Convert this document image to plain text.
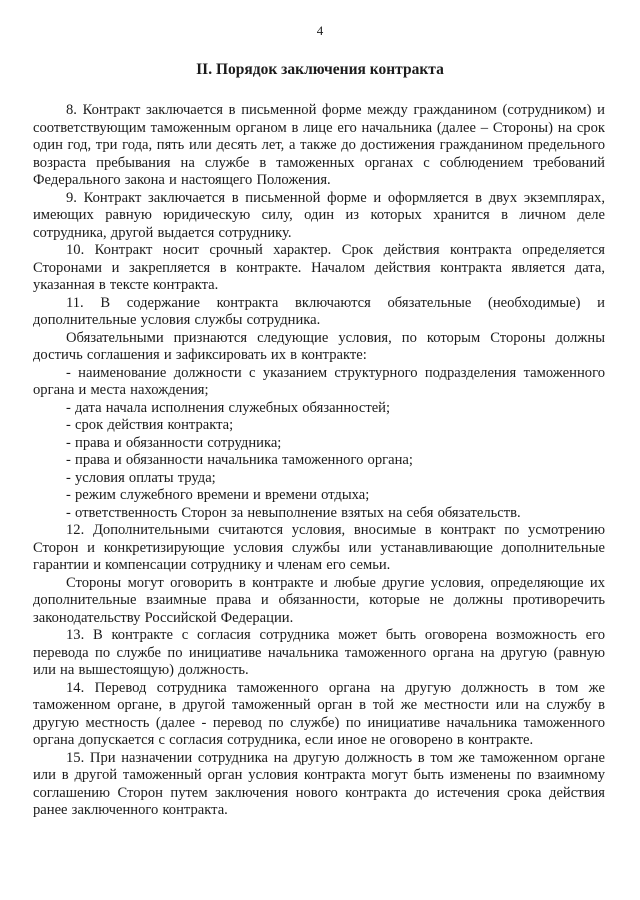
4
II. Порядок заключения контракта

8. Контракт заключается в письменной форме между гражданином (сотрудником) и соответствующим таможенным органом в лице его начальника (далее – Стороны) на срок один год, три года, пять или десять лет, а также до достижения гражданином предельного возраста пребывания на службе в таможенных органах с соблюдением требований Федерального закона и настоящего Положения.

9. Контракт заключается в письменной форме и оформляется в двух экземплярах, имеющих равную юридическую силу, один из которых хранится в личном деле сотрудника, другой выдается сотруднику.

10. Контракт носит срочный характер. Срок действия контракта определяется Сторонами и закрепляется в контракте. Началом действия контракта является дата, указанная в тексте контракта.

11. В содержание контракта включаются обязательные (необходимые) и дополнительные условия службы сотрудника.

Обязательными признаются следующие условия, по которым Стороны должны достичь соглашения и зафиксировать их в контракте:

- наименование должности с указанием структурного подразделения таможенного органа и места нахождения;

- дата начала исполнения служебных обязанностей;

- срок действия контракта;

- права и обязанности сотрудника;

- права и обязанности начальника таможенного органа;

- условия оплаты труда;

- режим служебного времени и времени отдыха;

- ответственность Сторон за невыполнение взятых на себя обязательств.

12. Дополнительными считаются условия, вносимые в контракт по усмотрению Сторон и конкретизирующие условия службы или устанавливающие дополнительные гарантии и компенсации сотруднику и членам его семьи.

Стороны могут оговорить в контракте и любые другие условия, определяющие их дополнительные взаимные права и обязанности, которые не должны противоречить законодательству Российской Федерации.

13. В контракте с согласия сотрудника может быть оговорена возможность его перевода по службе по инициативе начальника таможенного органа на другую (равную или на вышестоящую) должность.

14. Перевод сотрудника таможенного органа на другую должность в том же таможенном органе, в другой таможенный орган в той же местности или на службу в другую местность (далее - перевод по службе) по инициативе начальника таможенного органа допускается с согласия сотрудника, если иное не оговорено в контракте.

15. При назначении сотрудника на другую должность в том же таможенном органе или в другой таможенный орган условия контракта могут быть изменены по взаимному соглашению Сторон путем заключения нового контракта до истечения срока действия ранее заключенного контракта.
